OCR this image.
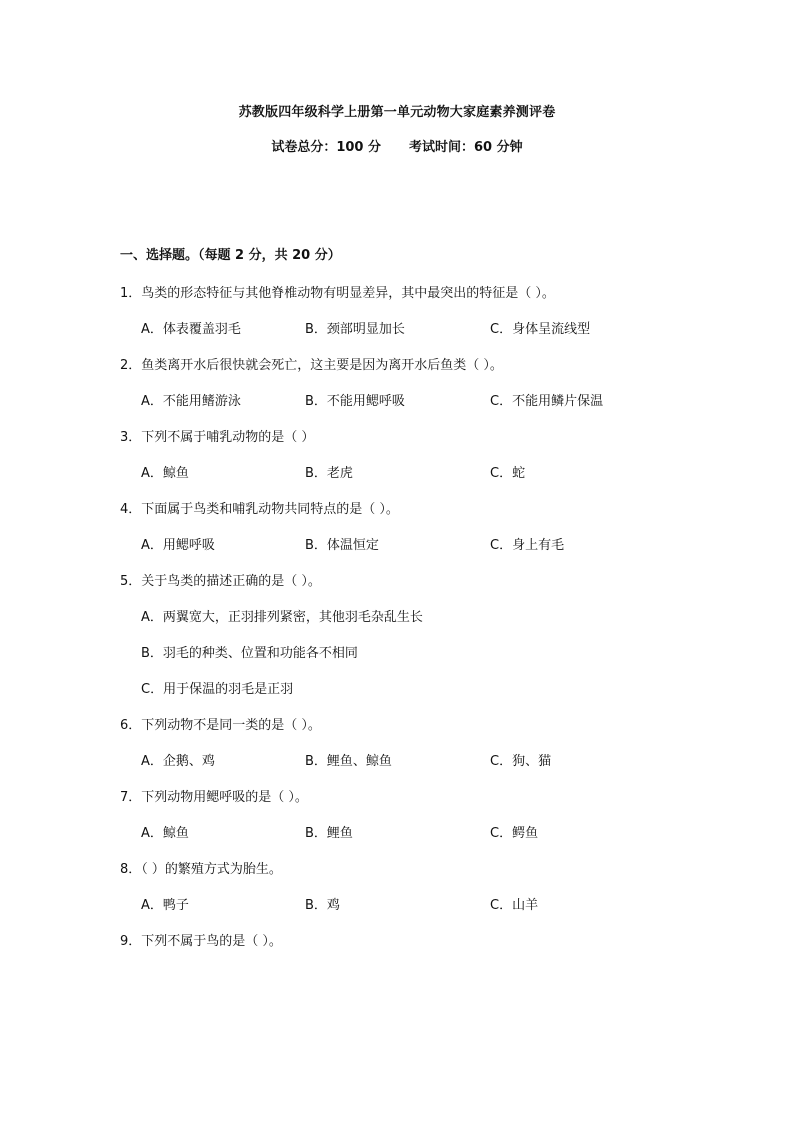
苏教版四年级科学上册第一单元动物大家庭素养测评卷
试卷总分：100 分 考试时间：60 分钟
一、选择题。（每题 2 分，共 20 分）
1．鸟类的形态特征与其他脊椎动物有明显差异，其中最突出的特征是（ ）。
A．体表覆盖羽毛	B．颈部明显加长	C．身体呈流线型
2．鱼类离开水后很快就会死亡，这主要是因为离开水后鱼类（ ）。
A．不能用鳍游泳	B．不能用鳃呼吸	C．不能用鳞片保温
3．下列不属于哺乳动物的是（ ）
A．鲸鱼	B．老虎	C．蛇
4．下面属于鸟类和哺乳动物共同特点的是（ ）。
A．用鳃呼吸	B．体温恒定	C．身上有毛
5．关于鸟类的描述正确的是（ ）。
A．两翼宽大，正羽排列紧密，其他羽毛杂乱生长
B．羽毛的种类、位置和功能各不相同
C．用于保温的羽毛是正羽
6．下列动物不是同一类的是（ ）。
A．企鹅、鸡	B．鲤鱼、鲸鱼	C．狗、猫
7．下列动物用鳃呼吸的是（ ）。
A．鲸鱼	B．鲤鱼	C．鳄鱼
8．（ ）的繁殖方式为胎生。
A．鸭子	B．鸡	C．山羊
9．下列不属于鸟的是（ ）。
